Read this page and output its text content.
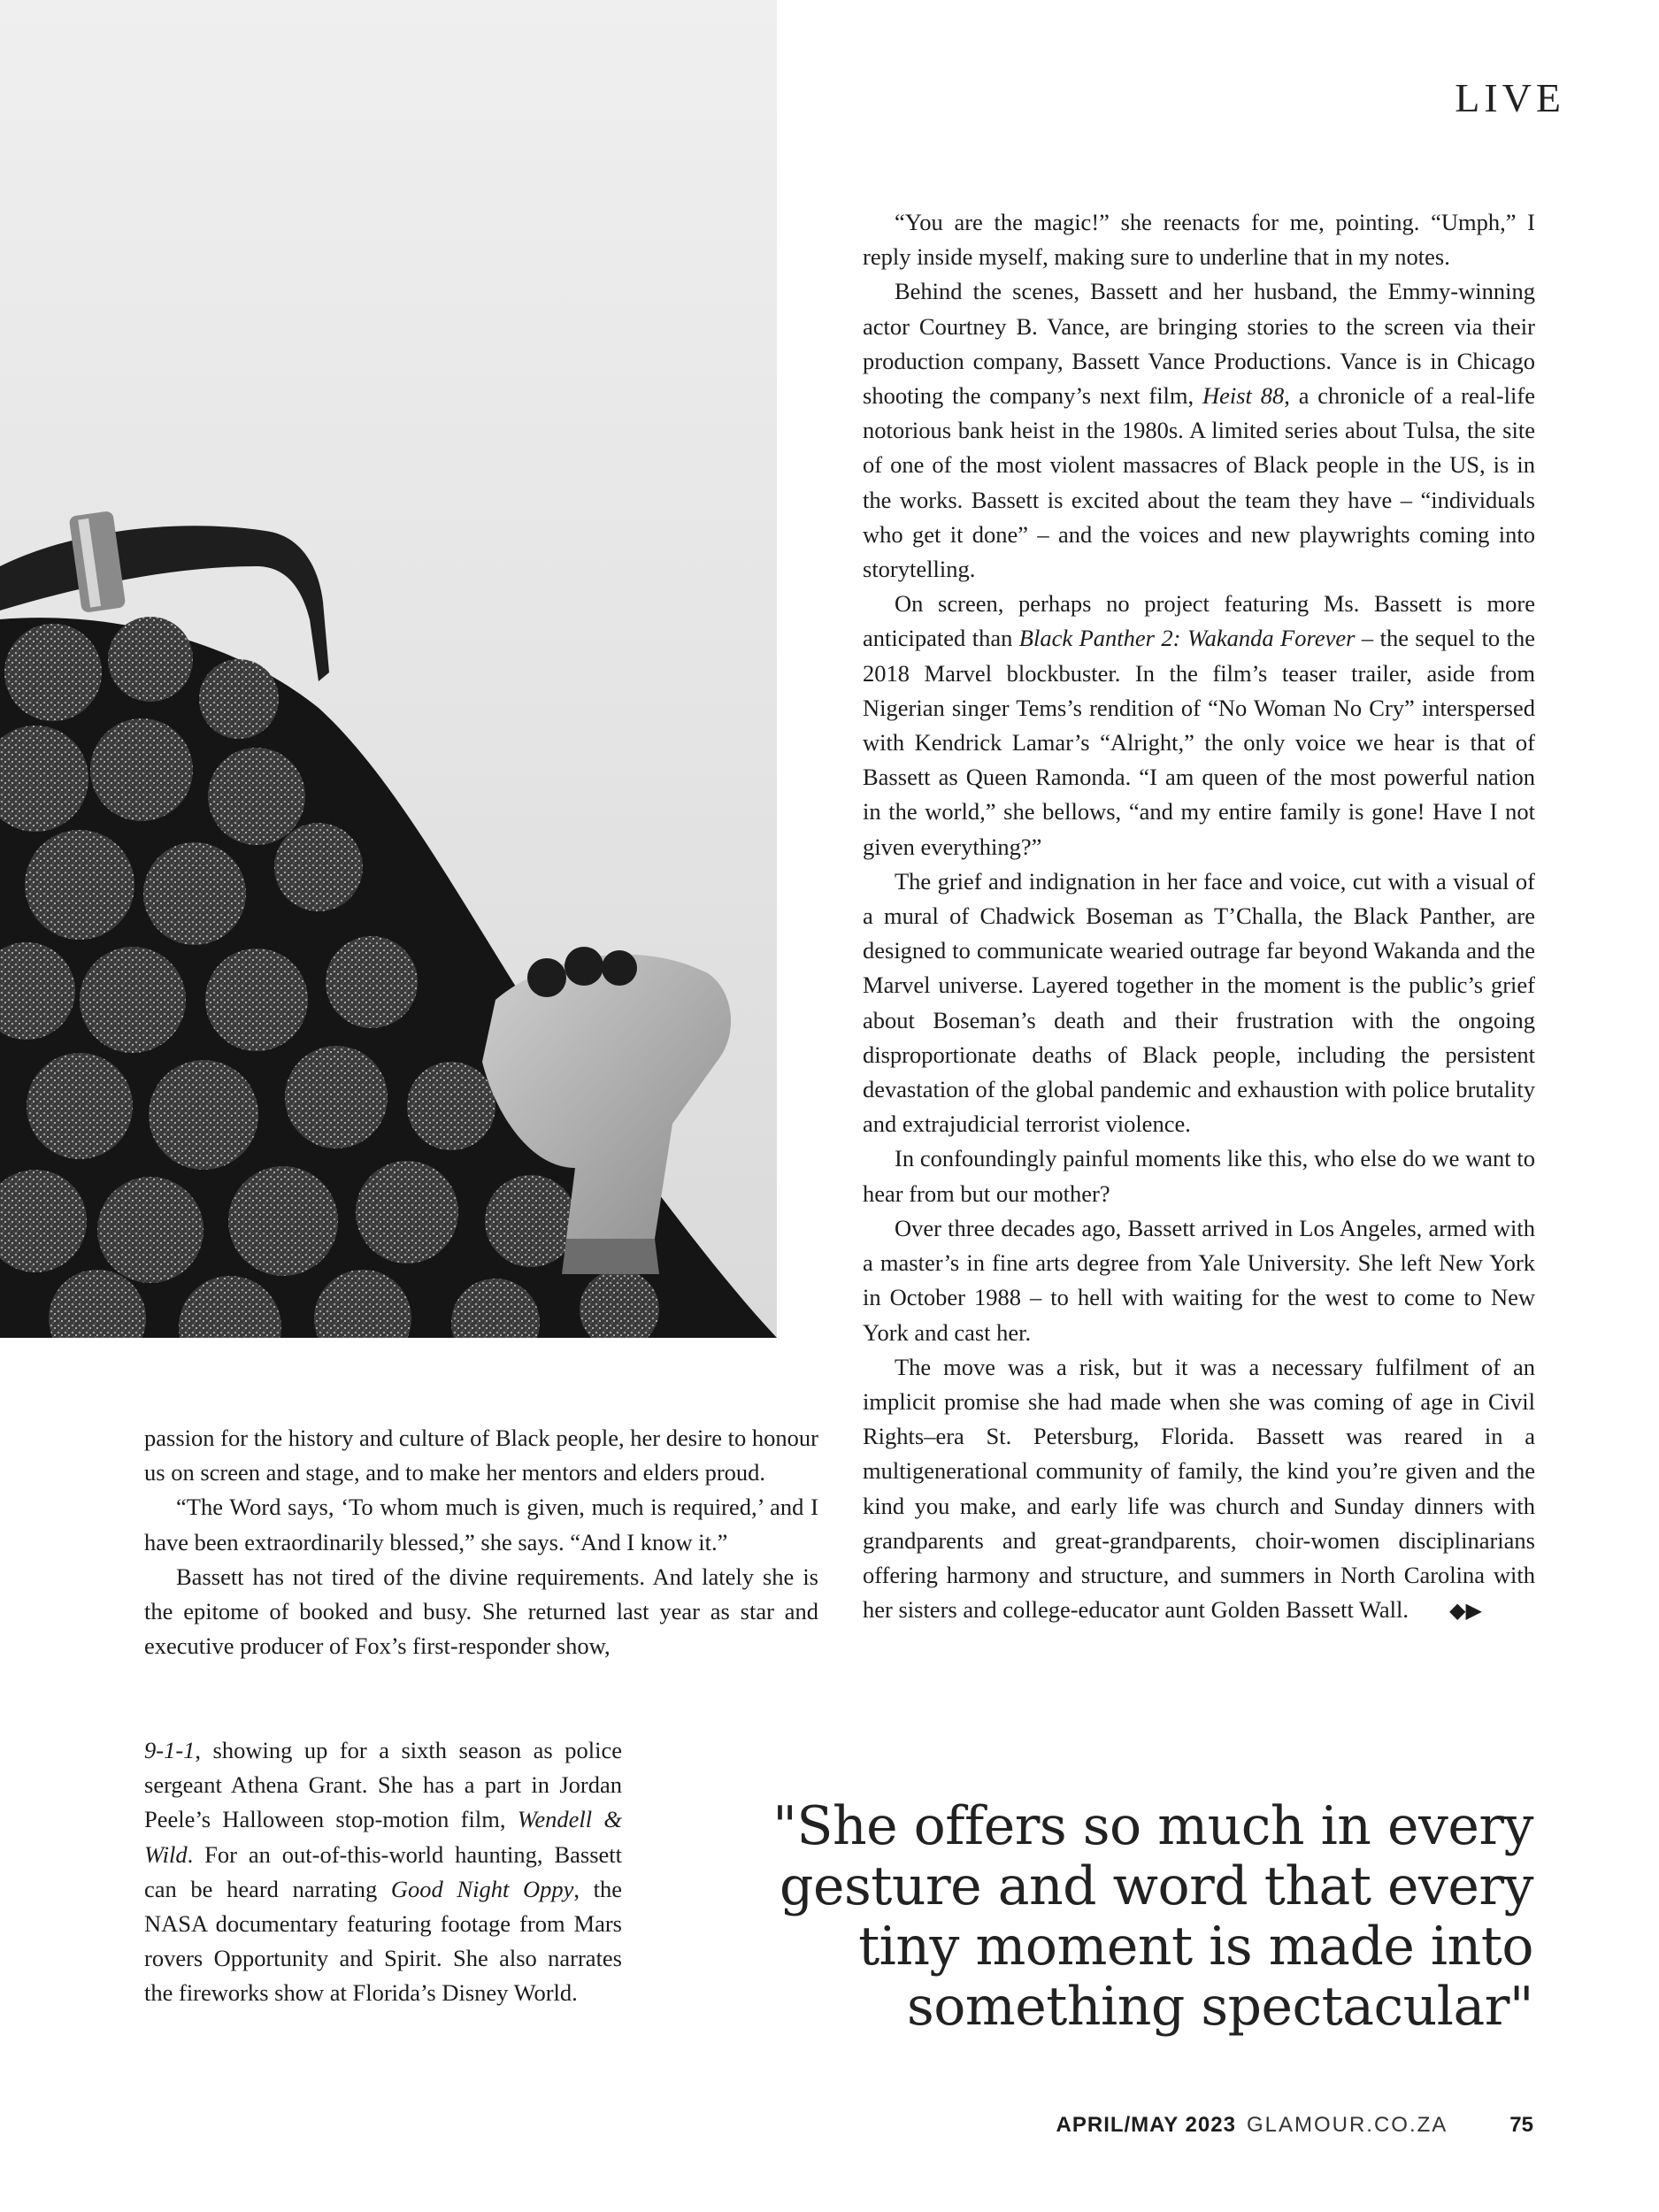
LIVE

“You are the magic!” she reenacts for me, pointing. “Umph,” I reply inside myself, making sure to underline that in my notes.

Behind the scenes, Bassett and her husband, the Emmy-winning actor Courtney B. Vance, are bringing stories to the screen via their production company, Bassett Vance Productions. Vance is in Chicago shooting the company’s next film, Heist 88, a chronicle of a real-life notorious bank heist in the 1980s. A limited series about Tulsa, the site of one of the most violent massacres of Black people in the US, is in the works. Bassett is excited about the team they have – “individuals who get it done” – and the voices and new playwrights coming into storytelling.

On screen, perhaps no project featuring Ms. Bassett is more anticipated than Black Panther 2: Wakanda Forever – the sequel to the 2018 Marvel blockbuster. In the film’s teaser trailer, aside from Nigerian singer Tems’s rendition of “No Woman No Cry” interspersed with Kendrick Lamar’s “Alright,” the only voice we hear is that of Bassett as Queen Ramonda. “I am queen of the most powerful nation in the world,” she bellows, “and my entire family is gone! Have I not given everything?”

The grief and indignation in her face and voice, cut with a visual of a mural of Chadwick Boseman as T’Challa, the Black Panther, are designed to communicate wearied outrage far beyond Wakanda and the Marvel universe. Layered together in the moment is the public’s grief about Boseman’s death and their frustration with the ongoing disproportionate deaths of Black people, including the persistent devastation of the global pandemic and exhaustion with police brutality and extrajudicial terrorist violence.

In confoundingly painful moments like this, who else do we want to hear from but our mother?

Over three decades ago, Bassett arrived in Los Angeles, armed with a master’s in fine arts degree from Yale University. She left New York in October 1988 – to hell with waiting for the west to come to New York and cast her.

The move was a risk, but it was a necessary fulfilment of an implicit promise she had made when she was coming of age in Civil Rights–era St. Petersburg, Florida. Bassett was reared in a multigenerational community of family, the kind you’re given and the kind you make, and early life was church and Sunday dinners with grandparents and great-grandparents, choir-women disciplinarians offering harmony and structure, and summers in North Carolina with her sisters and college-educator aunt Golden Bassett Wall. ◆▶

passion for the history and culture of Black people, her desire to honour us on screen and stage, and to make her mentors and elders proud.

“The Word says, ‘To whom much is given, much is required,’ and I have been extraordinarily blessed,” she says. “And I know it.”

Bassett has not tired of the divine requirements. And lately she is the epitome of booked and busy. She returned last year as star and executive producer of Fox’s first-responder show,

9-1-1, showing up for a sixth season as police sergeant Athena Grant. She has a part in Jordan Peele’s Halloween stop-motion film, Wendell & Wild. For an out-of-this-world haunting, Bassett can be heard narrating Good Night Oppy, the NASA documentary featuring footage from Mars rovers Opportunity and Spirit. She also narrates the fireworks show at Florida’s Disney World.

"She offers so much in every gesture and word that every tiny moment is made into something spectacular"
APRIL/MAY 2023 GLAMOUR.CO.ZA	75
